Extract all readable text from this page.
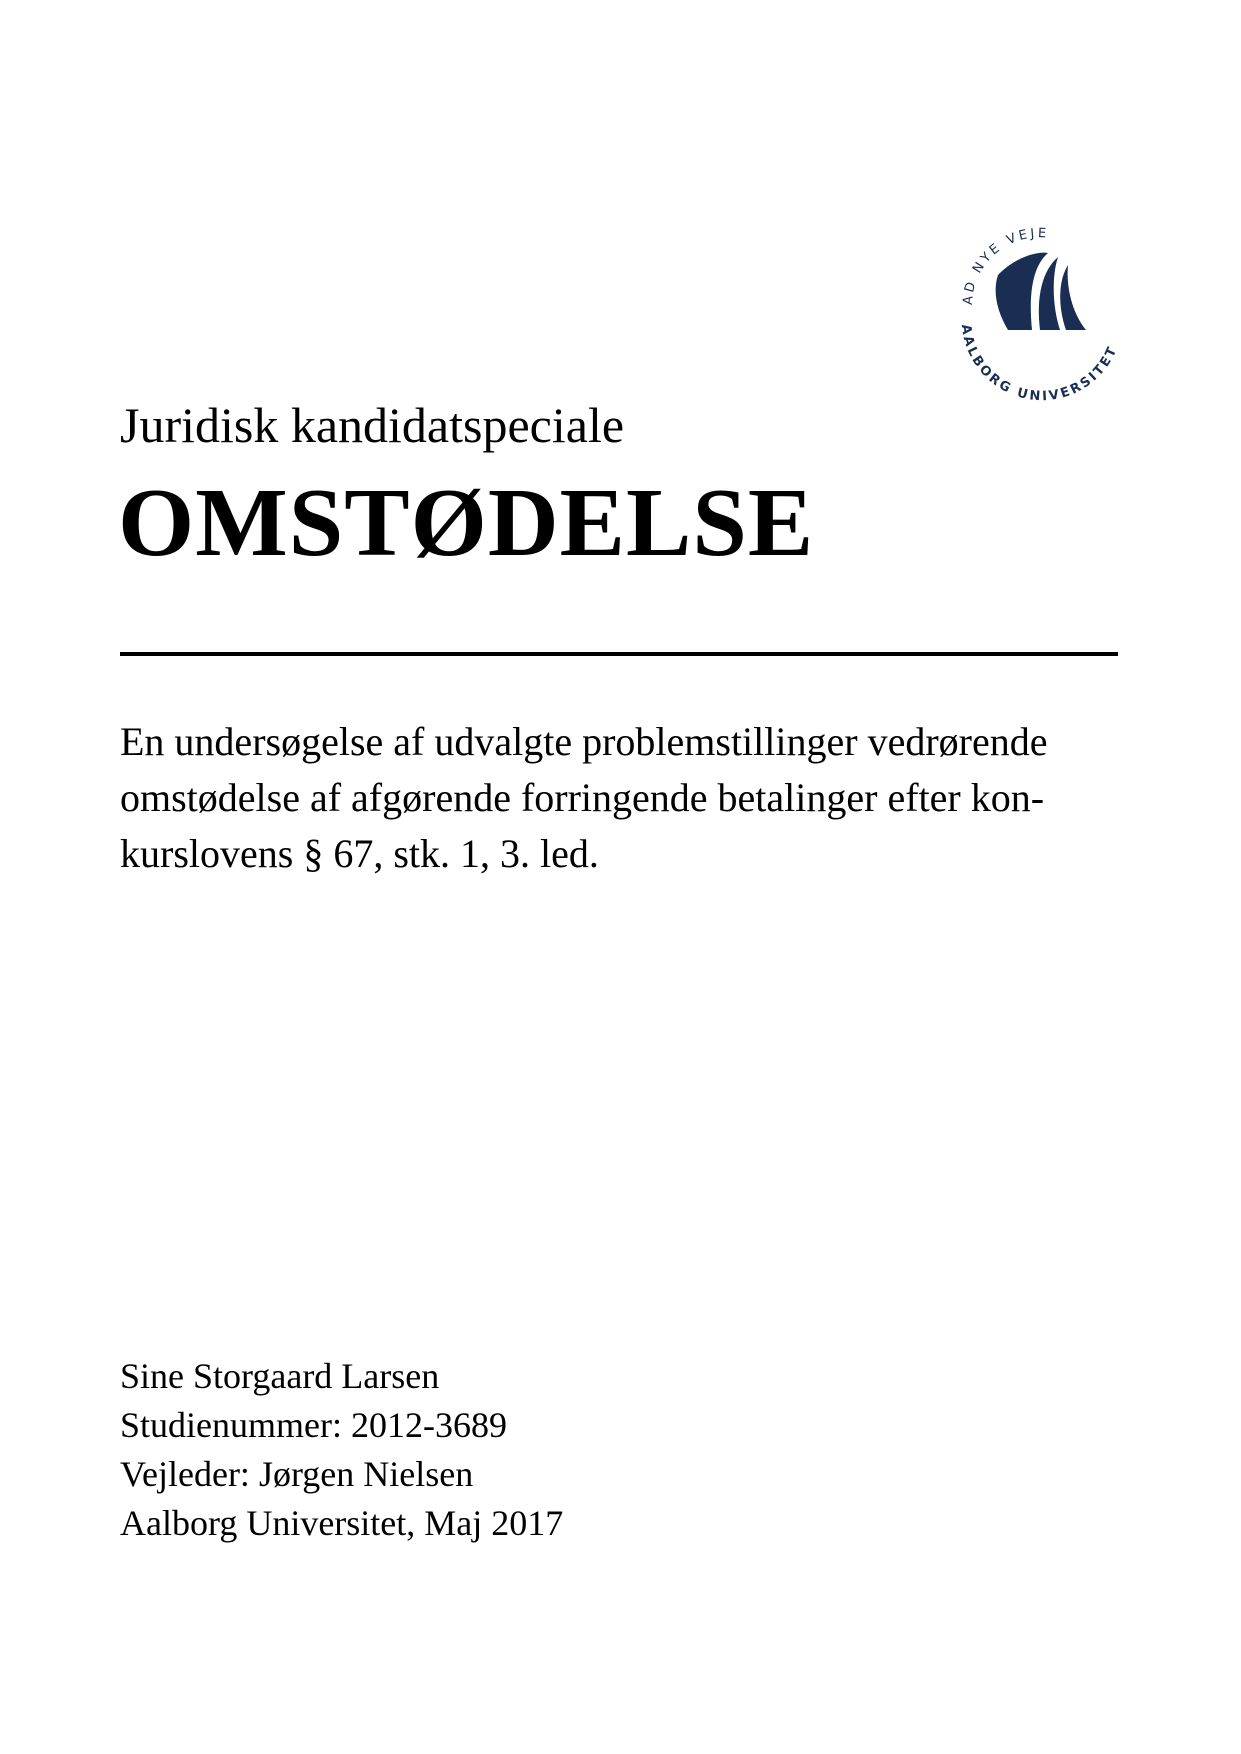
AD NYE VEJE
AALBORG UNIVERSITET
Juridisk kandidatspeciale
OMSTØDELSE
En undersøgelse af udvalgte problemstillinger vedrørende
omstødelse af afgørende forringende betalinger efter kon-
kurslovens § 67, stk. 1, 3. led.
Sine Storgaard Larsen
Studienummer: 2012-3689
Vejleder: Jørgen Nielsen
Aalborg Universitet, Maj 2017
